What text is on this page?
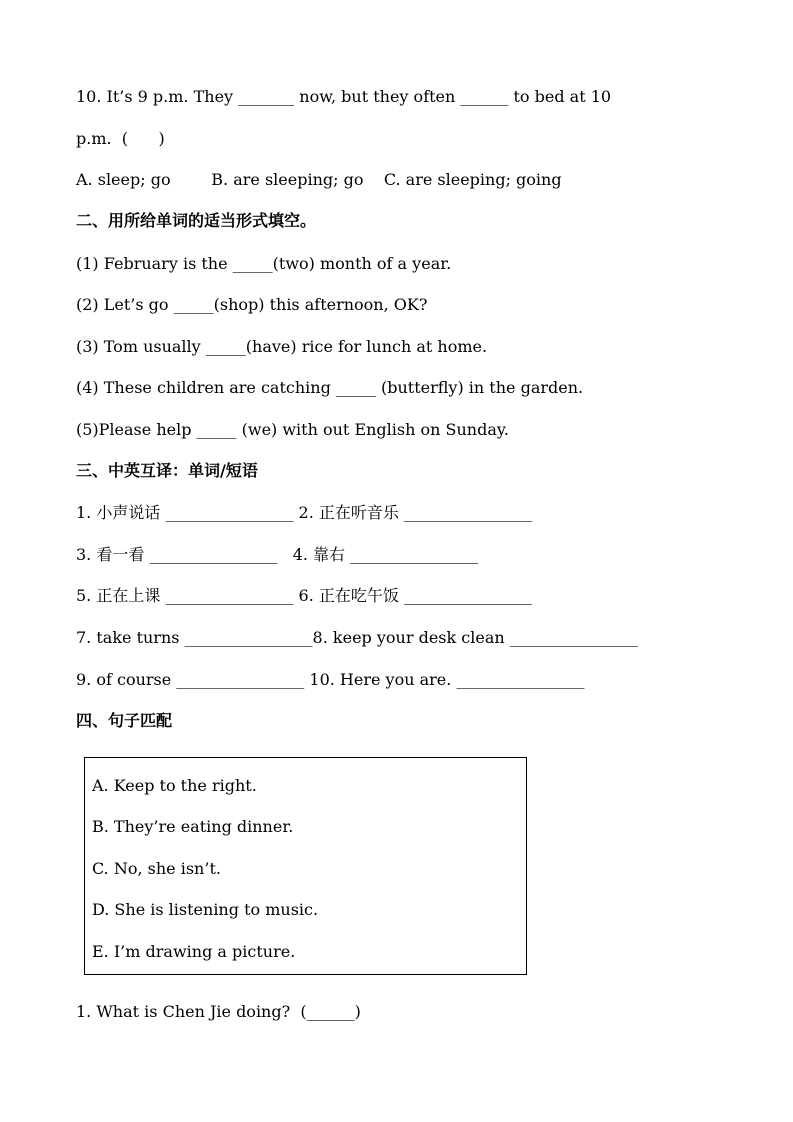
10. It’s 9 p.m. They _______ now, but they often ______ to bed at 10
p.m.  (      )
A. sleep; go        B. are sleeping; go    C. are sleeping; going
二、用所给单词的适当形式填空。
(1) February is the _____(two) month of a year.
(2) Let’s go _____(shop) this afternoon, OK?
(3) Tom usually _____(have) rice for lunch at home.
(4) These children are catching _____ (butterfly) in the garden.
(5)Please help _____ (we) with out English on Sunday.
三、中英互译：单词/短语
1. 小声说话 ________________ 2. 正在听音乐 ________________
3. 看一看 ________________   4. 靠右 ________________
5. 正在上课 ________________ 6. 正在吃午饭 ________________
7. take turns ________________8. keep your desk clean ________________
9. of course ________________ 10. Here you are. ________________
四、句子匹配
A. Keep to the right.
B. They’re eating dinner.
C. No, she isn’t.
D. She is listening to music.
E. I’m drawing a picture.
1. What is Chen Jie doing?  (______)
